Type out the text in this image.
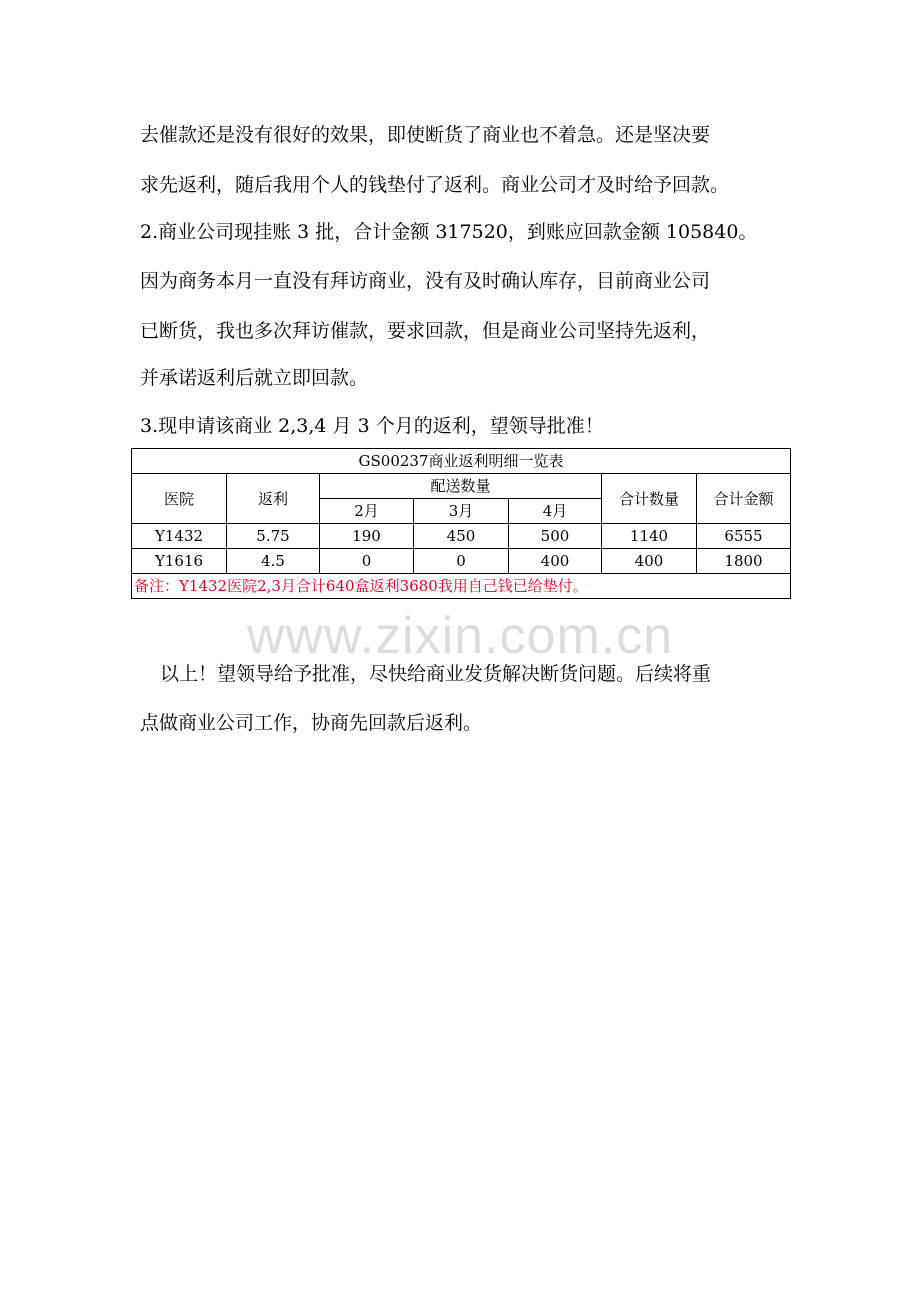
去催款还是没有很好的效果，即使断货了商业也不着急。还是坚决要
求先返利，随后我用个人的钱垫付了返利。商业公司才及时给予回款。
2.商业公司现挂账 3 批，合计金额 317520，到账应回款金额 105840。
因为商务本月一直没有拜访商业，没有及时确认库存，目前商业公司
已断货，我也多次拜访催款，要求回款，但是商业公司坚持先返利，
并承诺返利后就立即回款。
3.现申请该商业 2,3,4 月 3 个月的返利，望领导批准！
GS00237商业返利明细一览表						
医院	返利	配送数量			合计数量	合计金额
		2月	3月	4月		
Y1432	5.75	190	450	500	1140	6555
Y1616	4.5	0	0	400	400	1800
备注：Y1432医院2,3月合计640盒返利3680我用自己钱已给垫付。						
www.zixin.com.cn
以上！望领导给予批准，尽快给商业发货解决断货问题。后续将重
点做商业公司工作，协商先回款后返利。
